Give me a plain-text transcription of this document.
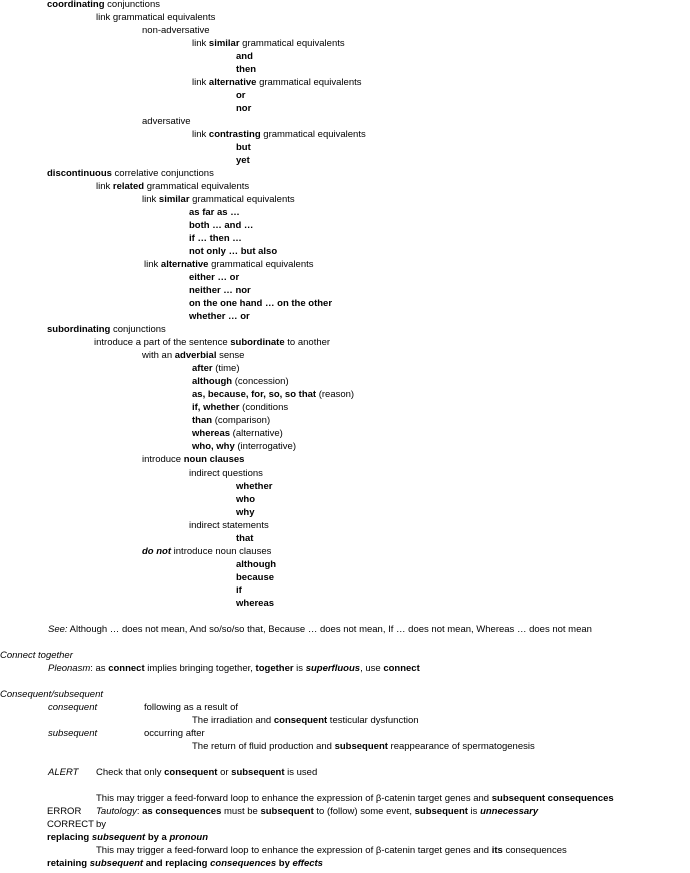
coordinating conjunctions
link grammatical equivalents
non-adversative
link similar grammatical equivalents
and
then
link alternative grammatical equivalents
or
nor
adversative
link contrasting grammatical equivalents
but
yet
discontinuous correlative conjunctions
link related grammatical equivalents
link similar grammatical equivalents
as far as …
both … and …
if … then …
not only … but also
link alternative grammatical equivalents
either … or
neither … nor
on the one hand … on the other
whether … or
subordinating conjunctions
introduce a part of the sentence subordinate to another
with an adverbial sense
after (time)
although (concession)
as, because, for, so, so that (reason)
if, whether (conditions
than (comparison)
whereas (alternative)
who, why (interrogative)
introduce noun clauses
indirect questions
whether
who
why
indirect statements
that
do not introduce noun clauses
although
because
if
whereas
See: Although … does not mean, And so/so/so that, Because … does not mean, If … does not mean, Whereas … does not mean
Connect together
Pleonasm: as connect implies bringing together, together is superfluous, use connect
Consequent/subsequent
consequent	following as a result of
The irradiation and consequent testicular dysfunction
subsequent	occurring after
The return of fluid production and subsequent reappearance of spermatogenesis
ALERT Check that only consequent or subsequent is used
This may trigger a feed-forward loop to enhance the expression of β-catenin target genes and subsequent consequences
ERROR Tautology: as consequences must be subsequent to (follow) some event, subsequent is unnecessary
CORRECT by
replacing subsequent by a pronoun
This may trigger a feed-forward loop to enhance the expression of β-catenin target genes and its consequences
retaining subsequent and replacing consequences by effects
